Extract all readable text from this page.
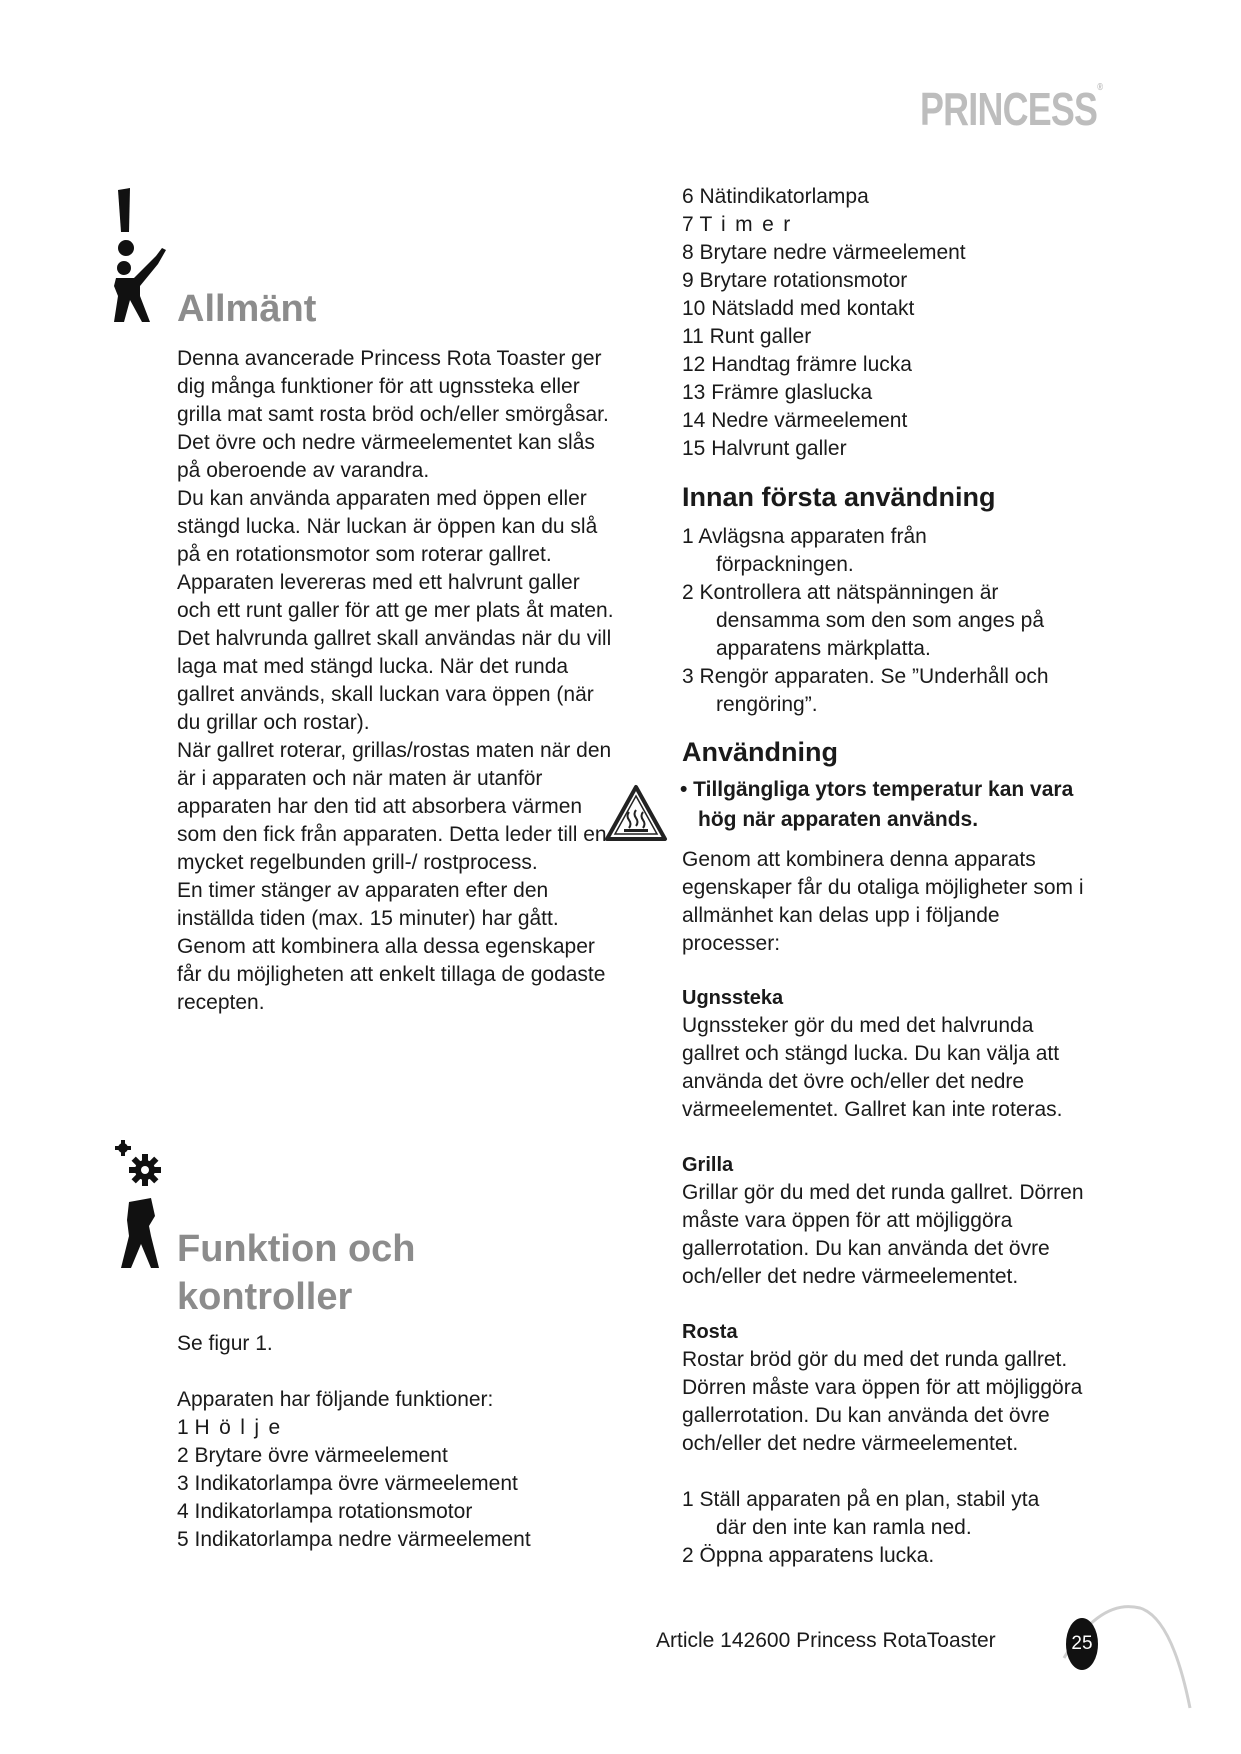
PRINCESS®
Allmänt

Denna avancerade Princess Rota Toaster ger dig många funktioner för att ugnssteka eller grilla mat samt rosta bröd och/eller smörgåsar.

Det övre och nedre värmeelementet kan slås på oberoende av varandra.

Du kan använda apparaten med öppen eller stängd lucka. När luckan är öppen kan du slå på en rotationsmotor som roterar gallret.

Apparaten levereras med ett halvrunt galler och ett runt galler för att ge mer plats åt maten. Det halvrunda gallret skall användas när du vill laga mat med stängd lucka. När det runda gallret används, skall luckan vara öppen (när du grillar och rostar).

När gallret roterar, grillas/rostas maten när den är i apparaten och när maten är utanför apparaten har den tid att absorbera värmen som den fick från apparaten. Detta leder till en mycket regelbunden grill-/ rostprocess.

En timer stänger av apparaten efter den inställda tiden (max. 15 minuter) har gått.

Genom att kombinera alla dessa egenskaper får du möjligheten att enkelt tillaga de godaste recepten.

Funktion och
kontroller

Se figur 1.

Apparaten har följande funktioner:

1 Hölje

2 Brytare övre värmeelement

3 Indikatorlampa övre värmeelement

4 Indikatorlampa rotationsmotor

5 Indikatorlampa nedre värmeelement

6 Nätindikatorlampa

7 Timer

8 Brytare nedre värmeelement

9 Brytare rotationsmotor

10 Nätsladd med kontakt

11 Runt galler

12 Handtag främre lucka

13 Främre glaslucka

14 Nedre värmeelement

15 Halvrunt galler

Innan första användning
1 Avlägsna apparaten från
förpackningen.
2 Kontrollera att nätspänningen är
densamma som den som anges på
apparatens märkplatta.
3 Rengör apparaten. Se ”Underhåll och
rengöring”.
Användning
• Tillgängliga ytors temperatur kan vara
hög när apparaten används.

Genom att kombinera denna apparats egenskaper får du otaliga möjligheter som i allmänhet kan delas upp i följande processer:

Ugnssteka

Ugnssteker gör du med det halvrunda gallret och stängd lucka. Du kan välja att använda det övre och/eller det nedre värmeelementet. Gallret kan inte roteras.

Grilla

Grillar gör du med det runda gallret. Dörren måste vara öppen för att möjliggöra gallerrotation. Du kan använda det övre och/eller det nedre värmeelementet.

Rosta

Rostar bröd gör du med det runda gallret. Dörren måste vara öppen för att möjliggöra gallerrotation. Du kan använda det övre och/eller det nedre värmeelementet.

1 Ställ apparaten på en plan, stabil yta
där den inte kan ramla ned.
2 Öppna apparatens lucka.
Article 142600 Princess RotaToaster	25
